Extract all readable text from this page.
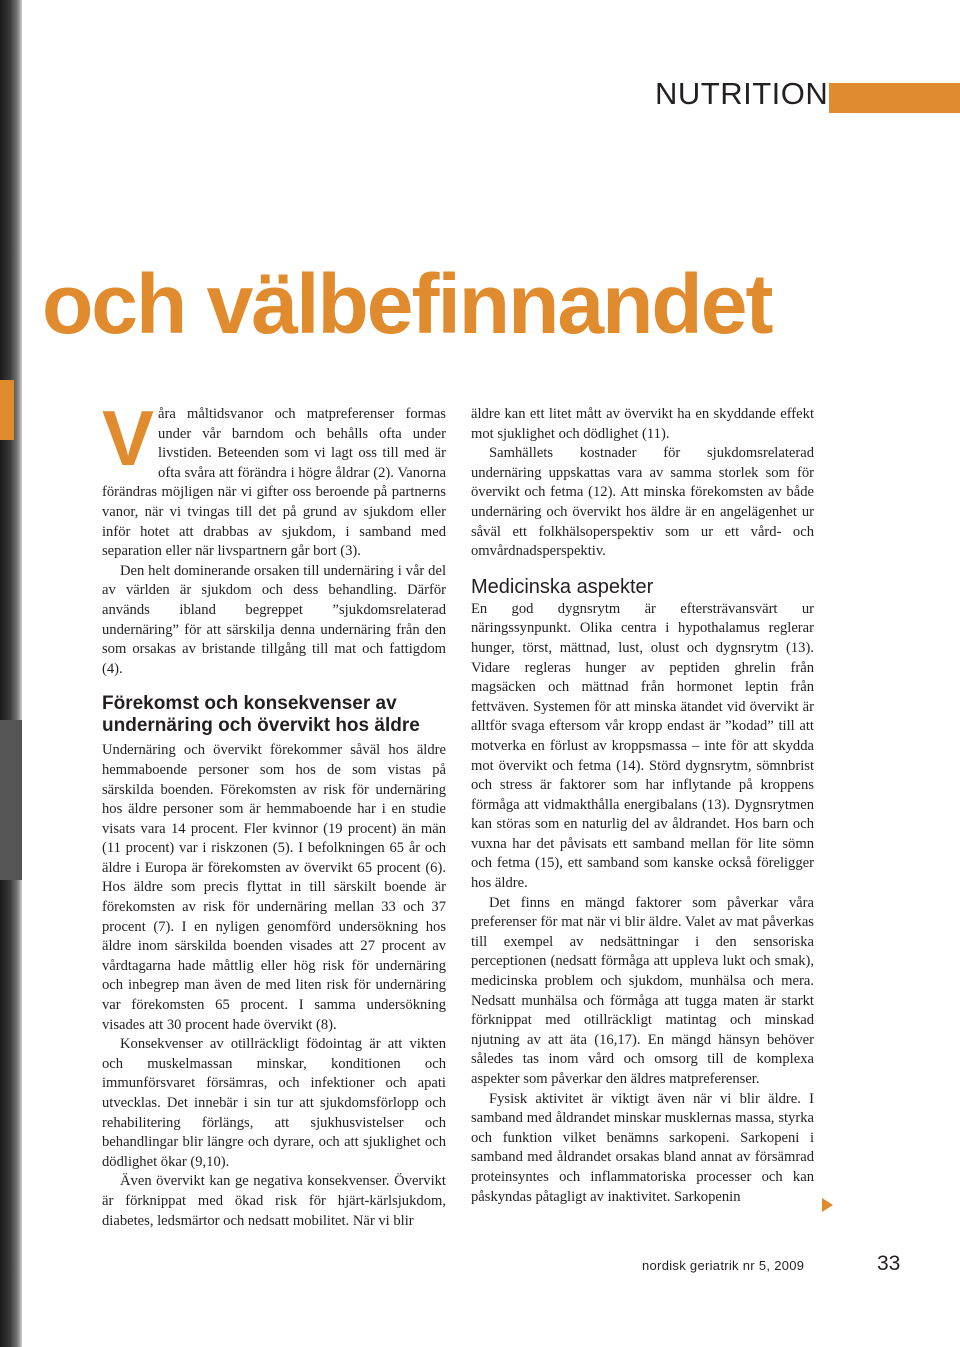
NUTRITION
och välbefinnandet

Våra måltidsvanor och matpreferenser formas under vår barndom och behålls ofta under livstiden. Beteenden som vi lagt oss till med är ofta svåra att förändra i högre åldrar (2). Vanorna förändras möjligen när vi gifter oss beroende på partnerns vanor, när vi tvingas till det på grund av sjukdom eller inför hotet att drabbas av sjukdom, i samband med separation eller när livspartnern går bort (3).

Den helt dominerande orsaken till undernäring i vår del av världen är sjukdom och dess behandling. Därför används ibland begreppet ”sjukdomsrelaterad undernäring” för att särskilja denna undernäring från den som orsakas av bristande tillgång till mat och fattigdom (4).

Förekomst och konsekvenser av undernäring och övervikt hos äldre

Undernäring och övervikt förekommer såväl hos äldre hemmaboende personer som hos de som vistas på särskilda boenden. Förekomsten av risk för undernäring hos äldre personer som är hemmaboende har i en studie visats vara 14 procent. Fler kvinnor (19 procent) än män (11 procent) var i riskzonen (5). I befolkningen 65 år och äldre i Europa är förekomsten av övervikt 65 procent (6). Hos äldre som precis flyttat in till särskilt boende är förekomsten av risk för undernäring mellan 33 och 37 procent (7). I en nyligen genomförd undersökning hos äldre inom särskilda boenden visades att 27 procent av vårdtagarna hade måttlig eller hög risk för undernäring och inbegrep man även de med liten risk för undernäring var förekomsten 65 procent. I samma undersökning visades att 30 procent hade övervikt (8).

Konsekvenser av otillräckligt födointag är att vikten och muskelmassan minskar, konditionen och immunförsvaret försämras, och infektioner och apati utvecklas. Det innebär i sin tur att sjukdomsförlopp och rehabilitering förlängs, att sjukhusvistelser och behandlingar blir längre och dyrare, och att sjuklighet och dödlighet ökar (9,10).

Även övervikt kan ge negativa konsekvenser. Övervikt är förknippat med ökad risk för hjärt-kärlsjukdom, diabetes, ledsmärtor och nedsatt mobilitet. När vi blir

äldre kan ett litet mått av övervikt ha en skyddande effekt mot sjuklighet och dödlighet (11).

Samhällets kostnader för sjukdomsrelaterad undernäring uppskattas vara av samma storlek som för övervikt och fetma (12). Att minska förekomsten av både undernäring och övervikt hos äldre är en angelägenhet ur såväl ett folkhälsoperspektiv som ur ett vård- och omvårdnadsperspektiv.

Medicinska aspekter

En god dygnsrytm är eftersträvansvärt ur näringssynpunkt. Olika centra i hypothalamus reglerar hunger, törst, mättnad, lust, olust och dygnsrytm (13). Vidare regleras hunger av peptiden ghrelin från magsäcken och mättnad från hormonet leptin från fettväven. Systemen för att minska ätandet vid övervikt är alltför svaga eftersom vår kropp endast är ”kodad” till att motverka en förlust av kroppsmassa – inte för att skydda mot övervikt och fetma (14). Störd dygnsrytm, sömnbrist och stress är faktorer som har inflytande på kroppens förmåga att vidmakthålla energibalans (13). Dygnsrytmen kan störas som en naturlig del av åldrandet. Hos barn och vuxna har det påvisats ett samband mellan för lite sömn och fetma (15), ett samband som kanske också föreligger hos äldre.

Det finns en mängd faktorer som påverkar våra preferenser för mat när vi blir äldre. Valet av mat påverkas till exempel av nedsättningar i den sensoriska perceptionen (nedsatt förmåga att uppleva lukt och smak), medicinska problem och sjukdom, munhälsa och mera. Nedsatt munhälsa och förmåga att tugga maten är starkt förknippat med otillräckligt matintag och minskad njutning av att äta (16,17). En mängd hänsyn behöver således tas inom vård och omsorg till de komplexa aspekter som påverkar den äldres matpreferenser.

Fysisk aktivitet är viktigt även när vi blir äldre. I samband med åldrandet minskar musklernas massa, styrka och funktion vilket benämns sarkopeni. Sarkopeni i samband med åldrandet orsakas bland annat av försämrad proteinsyntes och inflammatoriska processer och kan påskyndas påtagligt av inaktivitet. Sarkopenin

nordisk geriatrik nr 5, 2009	33
